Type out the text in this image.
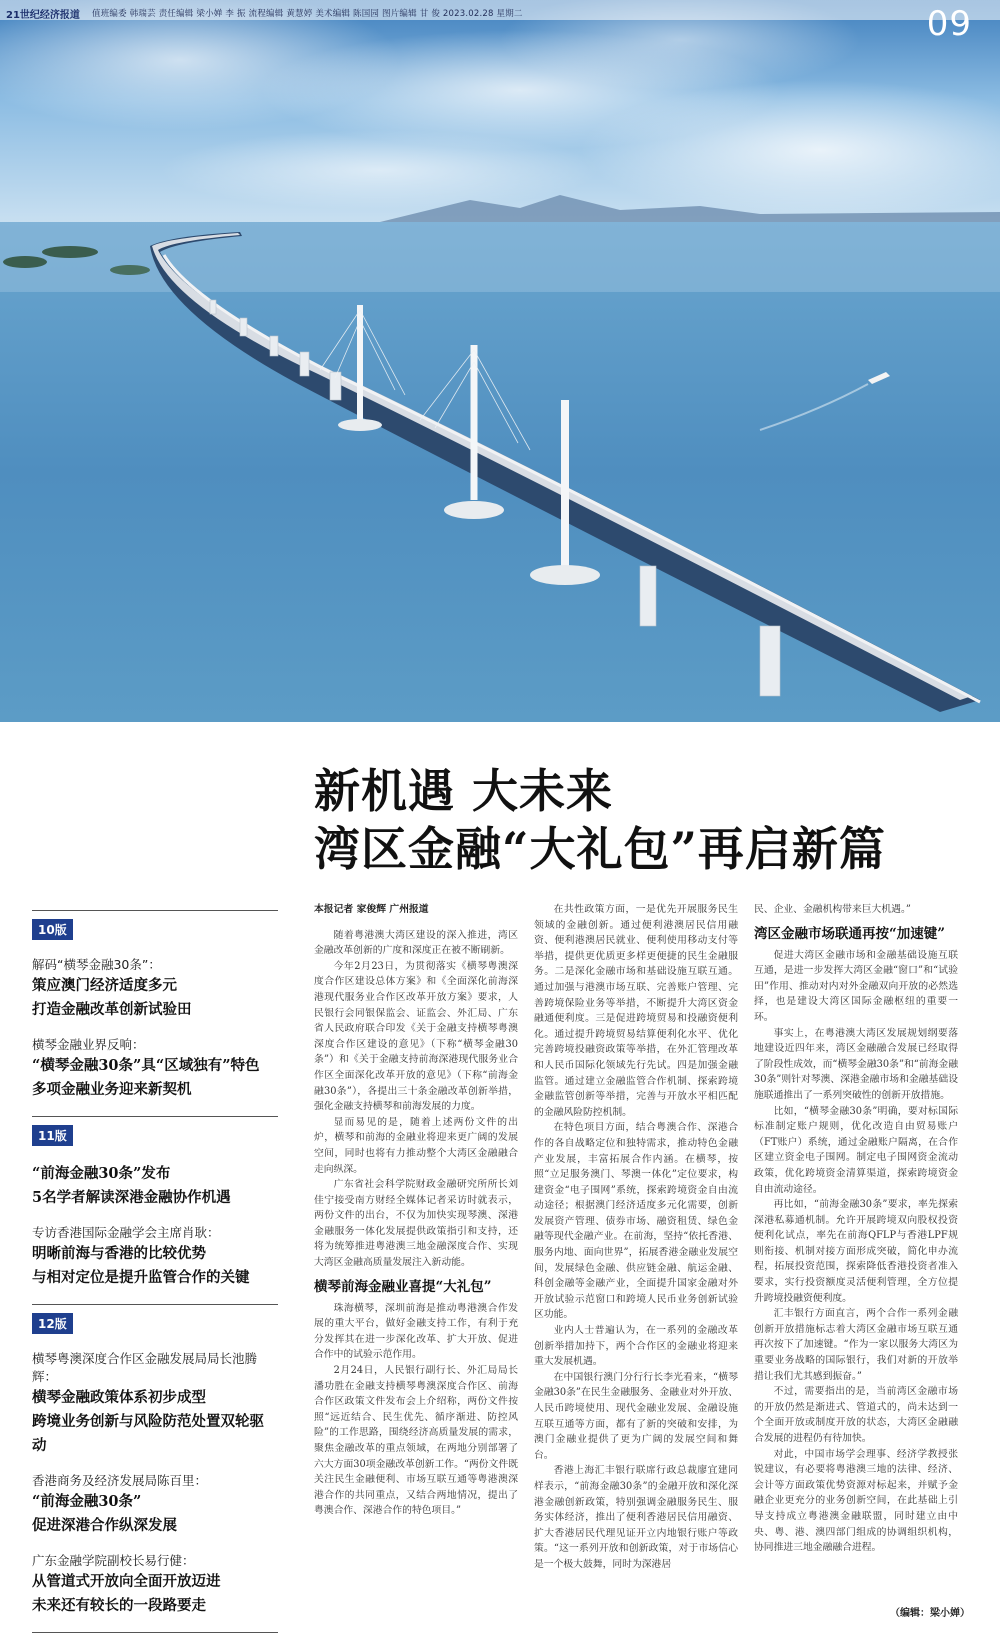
21世纪经济报道 值班编委 韩瑞芸 责任编辑 梁小婵 李 振 流程编辑 黄慧婷 美术编辑 陈国园 图片编辑 甘 俊 2023.02.28 星期二	09
新机遇 大未来
湾区金融“大礼包”再启新篇
10版
解码“横琴金融30条”：
策应澳门经济适度多元
打造金融改革创新试验田
横琴金融业界反响：
“横琴金融30条”具“区域独有”特色
多项金融业务迎来新契机
11版
“前海金融30条”发布
5名学者解读深港金融协作机遇
专访香港国际金融学会主席肖耿：
明晰前海与香港的比较优势
与相对定位是提升监管合作的关键
12版
横琴粤澳深度合作区金融发展局局长池腾辉：
横琴金融政策体系初步成型
跨境业务创新与风险防范处置双轮驱动
香港商务及经济发展局陈百里：
“前海金融30条”
促进深港合作纵深发展
广东金融学院副校长易行健：
从管道式开放向全面开放迈进
未来还有较长的一段路要走

本报记者 家俊辉 广州报道

随着粤港澳大湾区建设的深入推进，湾区金融改革创新的广度和深度正在被不断刷新。

今年2月23日，为贯彻落实《横琴粤澳深度合作区建设总体方案》和《全面深化前海深港现代服务业合作区改革开放方案》要求，人民银行会同银保监会、证监会、外汇局、广东省人民政府联合印发《关于金融支持横琴粤澳深度合作区建设的意见》（下称“横琴金融30条”）和《关于金融支持前海深港现代服务业合作区全面深化改革开放的意见》（下称“前海金融30条”），各提出三十条金融改革创新举措，强化金融支持横琴和前海发展的力度。

显而易见的是，随着上述两份文件的出炉，横琴和前海的金融业将迎来更广阔的发展空间，同时也将有力推动整个大湾区金融融合走向纵深。

广东省社会科学院财政金融研究所所长刘佳宁接受南方财经全媒体记者采访时就表示，两份文件的出台，不仅为加快实现琴澳、深港金融服务一体化发展提供政策指引和支持，还将为统筹推进粤港澳三地金融深度合作、实现大湾区金融高质量发展注入新动能。

横琴前海金融业喜提“大礼包”

珠海横琴，深圳前海是推动粤港澳合作发展的重大平台，做好金融支持工作，有利于充分发挥其在进一步深化改革、扩大开放、促进合作中的试验示范作用。

2月24日，人民银行副行长、外汇局局长潘功胜在金融支持横琴粤澳深度合作区、前海合作区政策文件发布会上介绍称，两份文件按照“远近结合、民生优先、循序渐进、防控风险”的工作思路，围绕经济高质量发展的需求，聚焦金融改革的重点领域，在两地分别部署了六大方面30项金融改革创新工作。“两份文件既关注民生金融便利、市场互联互通等粤港澳深港合作的共同重点，又结合两地情况，提出了粤澳合作、深港合作的特色项目。”

在共性政策方面，一是优先开展服务民生领域的金融创新。通过便利港澳居民信用融资、便利港澳居民就业、便利使用移动支付等举措，提供更优质更多样更便捷的民生金融服务。二是深化金融市场和基础设施互联互通。通过加强与港澳市场互联、完善账户管理、完善跨境保险业务等举措，不断提升大湾区资金融通便利度。三是促进跨境贸易和投融资便利化。通过提升跨境贸易结算便利化水平、优化完善跨境投融资政策等举措，在外汇管理改革和人民币国际化领域先行先试。四是加强金融监管。通过建立金融监管合作机制、探索跨境金融监管创新等举措，完善与开放水平相匹配的金融风险防控机制。

在特色项目方面，结合粤澳合作、深港合作的各自战略定位和独特需求，推动特色金融产业发展，丰富拓展合作内涵。在横琴，按照“立足服务澳门、琴澳一体化”定位要求，构建资金“电子围网”系统，探索跨境资金自由流动途径；根据澳门经济适度多元化需要，创新发展资产管理、债券市场、融资租赁、绿色金融等现代金融产业。在前海，坚持“依托香港、服务内地、面向世界”，拓展香港金融业发展空间，发展绿色金融、供应链金融、航运金融、科创金融等金融产业，全面提升国家金融对外开放试验示范窗口和跨境人民币业务创新试验区功能。

业内人士普遍认为，在一系列的金融改革创新举措加持下，两个合作区的金融业将迎来重大发展机遇。

在中国银行澳门分行行长李光看来，“横琴金融30条”在民生金融服务、金融业对外开放、人民币跨境使用、现代金融业发展、金融设施互联互通等方面，都有了新的突破和安排，为澳门金融业提供了更为广阔的发展空间和舞台。

香港上海汇丰银行联席行政总裁廖宜建同样表示，“前海金融30条”的金融开放和深化深港金融创新政策，特别强调金融服务民生、服务实体经济，推出了便利香港居民信用融资、扩大香港居民代理见证开立内地银行账户等政策。“这一系列开放和创新政策，对于市场信心是一个极大鼓舞，同时为深港居

民、企业、金融机构带来巨大机遇。”

湾区金融市场联通再按“加速键”

促进大湾区金融市场和金融基础设施互联互通，是进一步发挥大湾区金融“窗口”和“试验田”作用、推动对内对外金融双向开放的必然选择，也是建设大湾区国际金融枢纽的重要一环。

事实上，在粤港澳大湾区发展规划纲要落地建设近四年来，湾区金融融合发展已经取得了阶段性成效，而“横琴金融30条”和“前海金融30条”则针对琴澳、深港金融市场和金融基础设施联通推出了一系列突破性的创新开放措施。

比如，“横琴金融30条”明确，要对标国际标准制定账户规则，优化改造自由贸易账户（FT账户）系统，通过金融账户隔离，在合作区建立资金电子围网。制定电子围网资金流动政策，优化跨境资金清算渠道，探索跨境资金自由流动途径。

再比如，“前海金融30条”要求，率先探索深港私募通机制。允许开展跨境双向股权投资便利化试点，率先在前海QFLP与香港LPF规则衔接、机制对接方面形成突破，简化申办流程，拓展投资范围，探索降低香港投资者准入要求，实行投资额度灵活便利管理，全方位提升跨境投融资便利度。

汇丰银行方面直言，两个合作一系列金融创新开放措施标志着大湾区金融市场互联互通再次按下了加速键。“作为一家以服务大湾区为重要业务战略的国际银行，我们对新的开放举措让我们尤其感到振奋。”

不过，需要指出的是，当前湾区金融市场的开放仍然是渐进式、管道式的，尚未达到一个全面开放或制度开放的状态，大湾区金融融合发展的进程仍有待加快。

对此，中国市场学会理事、经济学教授张锐建议，有必要将粤港澳三地的法律、经济、会计等方面政策优势资源对标起来，并赋予金融企业更充分的业务创新空间，在此基础上引导支持成立粤港澳金融联盟，同时建立由中央、粤、港、澳四部门组成的协调组织机构，协同推进三地金融融合进程。

（编辑：梁小婵）
